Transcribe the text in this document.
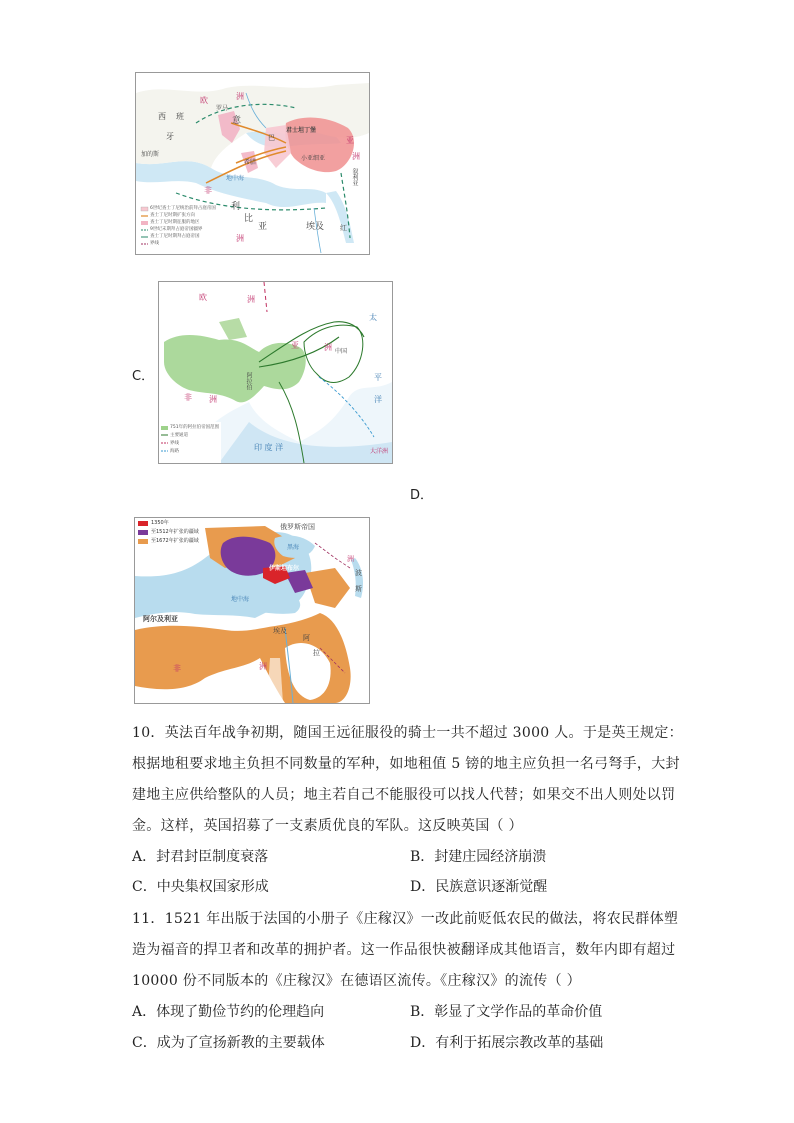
西 班
牙
加的斯
欧	洲
罗马
意
希腊
君士坦丁堡
小亚细亚
巴	亚
洲
叙利亚
非
洲
利
比
亚	埃及 红
地中海
6世纪查士丁尼统治前拜占庭帝国
查士丁尼时期扩张方向
查士丁尼时期征服的地区
9世纪末期拜占庭帝国疆界
查士丁尼时期拜占庭帝国
界线
C．
欧	洲
亚	洲
非 洲
太
平
洋
印 度 洋	大洋洲
中国
阿拉伯
751年的阿拉伯帝国范围
主要通道
界线
海路
D．
1350年
至1512年扩张的疆域
至1672年扩张的疆域
俄罗斯帝国
伊斯坦布尔
阿尔及利亚
埃及
洲
波
斯
非	洲
阿
拉
黑海
地中海
10．英法百年战争初期，随国王远征服役的骑士一共不超过 3000 人。于是英王规定：
根据地租要求地主负担不同数量的军种，如地租值 5 镑的地主应负担一名弓弩手，大封
建地主应供给整队的人员；地主若自己不能服役可以找人代替；如果交不出人则处以罚
金。这样，英国招募了一支素质优良的军队。这反映英国（ ）
A．封君封臣制度衰落	B．封建庄园经济崩溃
C．中央集权国家形成	D．民族意识逐渐觉醒
11．1521 年出版于法国的小册子《庄稼汉》一改此前贬低农民的做法，将农民群体塑
造为福音的捍卫者和改革的拥护者。这一作品很快被翻译成其他语言，数年内即有超过
10000 份不同版本的《庄稼汉》在德语区流传。《庄稼汉》的流传（ ）
A．体现了勤俭节约的伦理趋向	B．彰显了文学作品的革命价值
C．成为了宣扬新教的主要载体	D．有利于拓展宗教改革的基础
